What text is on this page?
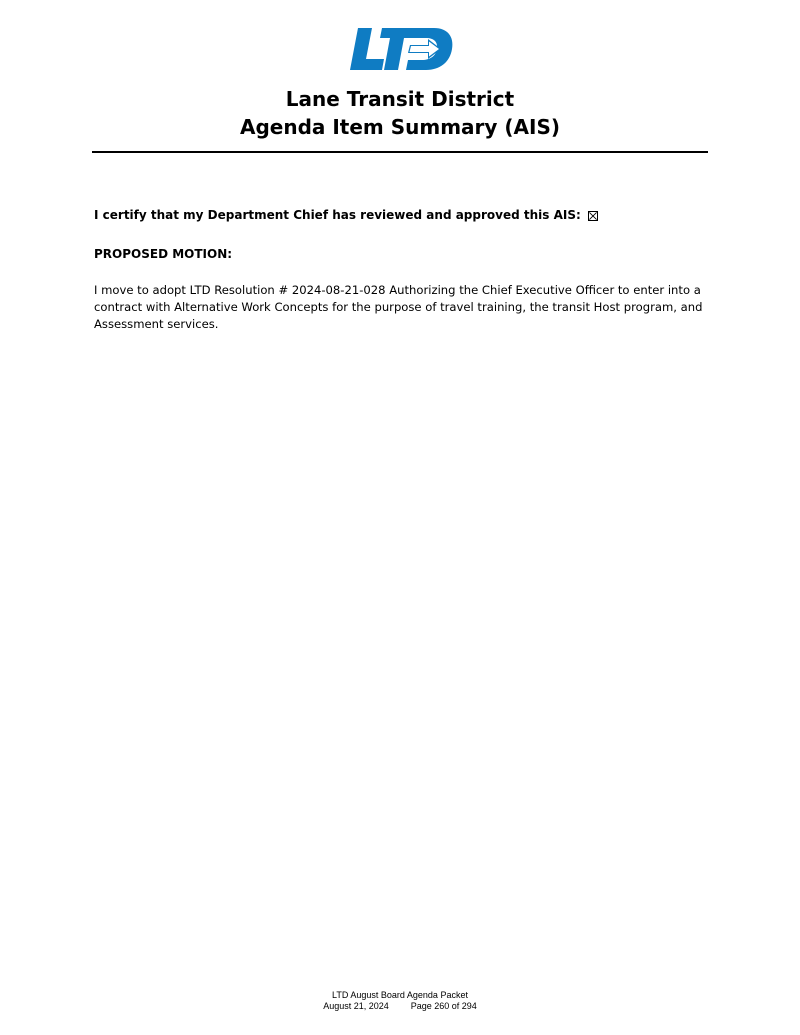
Lane Transit District
Agenda Item Summary (AIS)
I certify that my Department Chief has reviewed and approved this AIS:
PROPOSED MOTION:
I move to adopt LTD Resolution # 2024-08-21-028 Authorizing the Chief Executive Officer to enter into a contract with Alternative Work Concepts for the purpose of travel training, the transit Host program, and Assessment services.
LTD August Board Agenda Packet
August 21, 2024 Page 260 of 294
